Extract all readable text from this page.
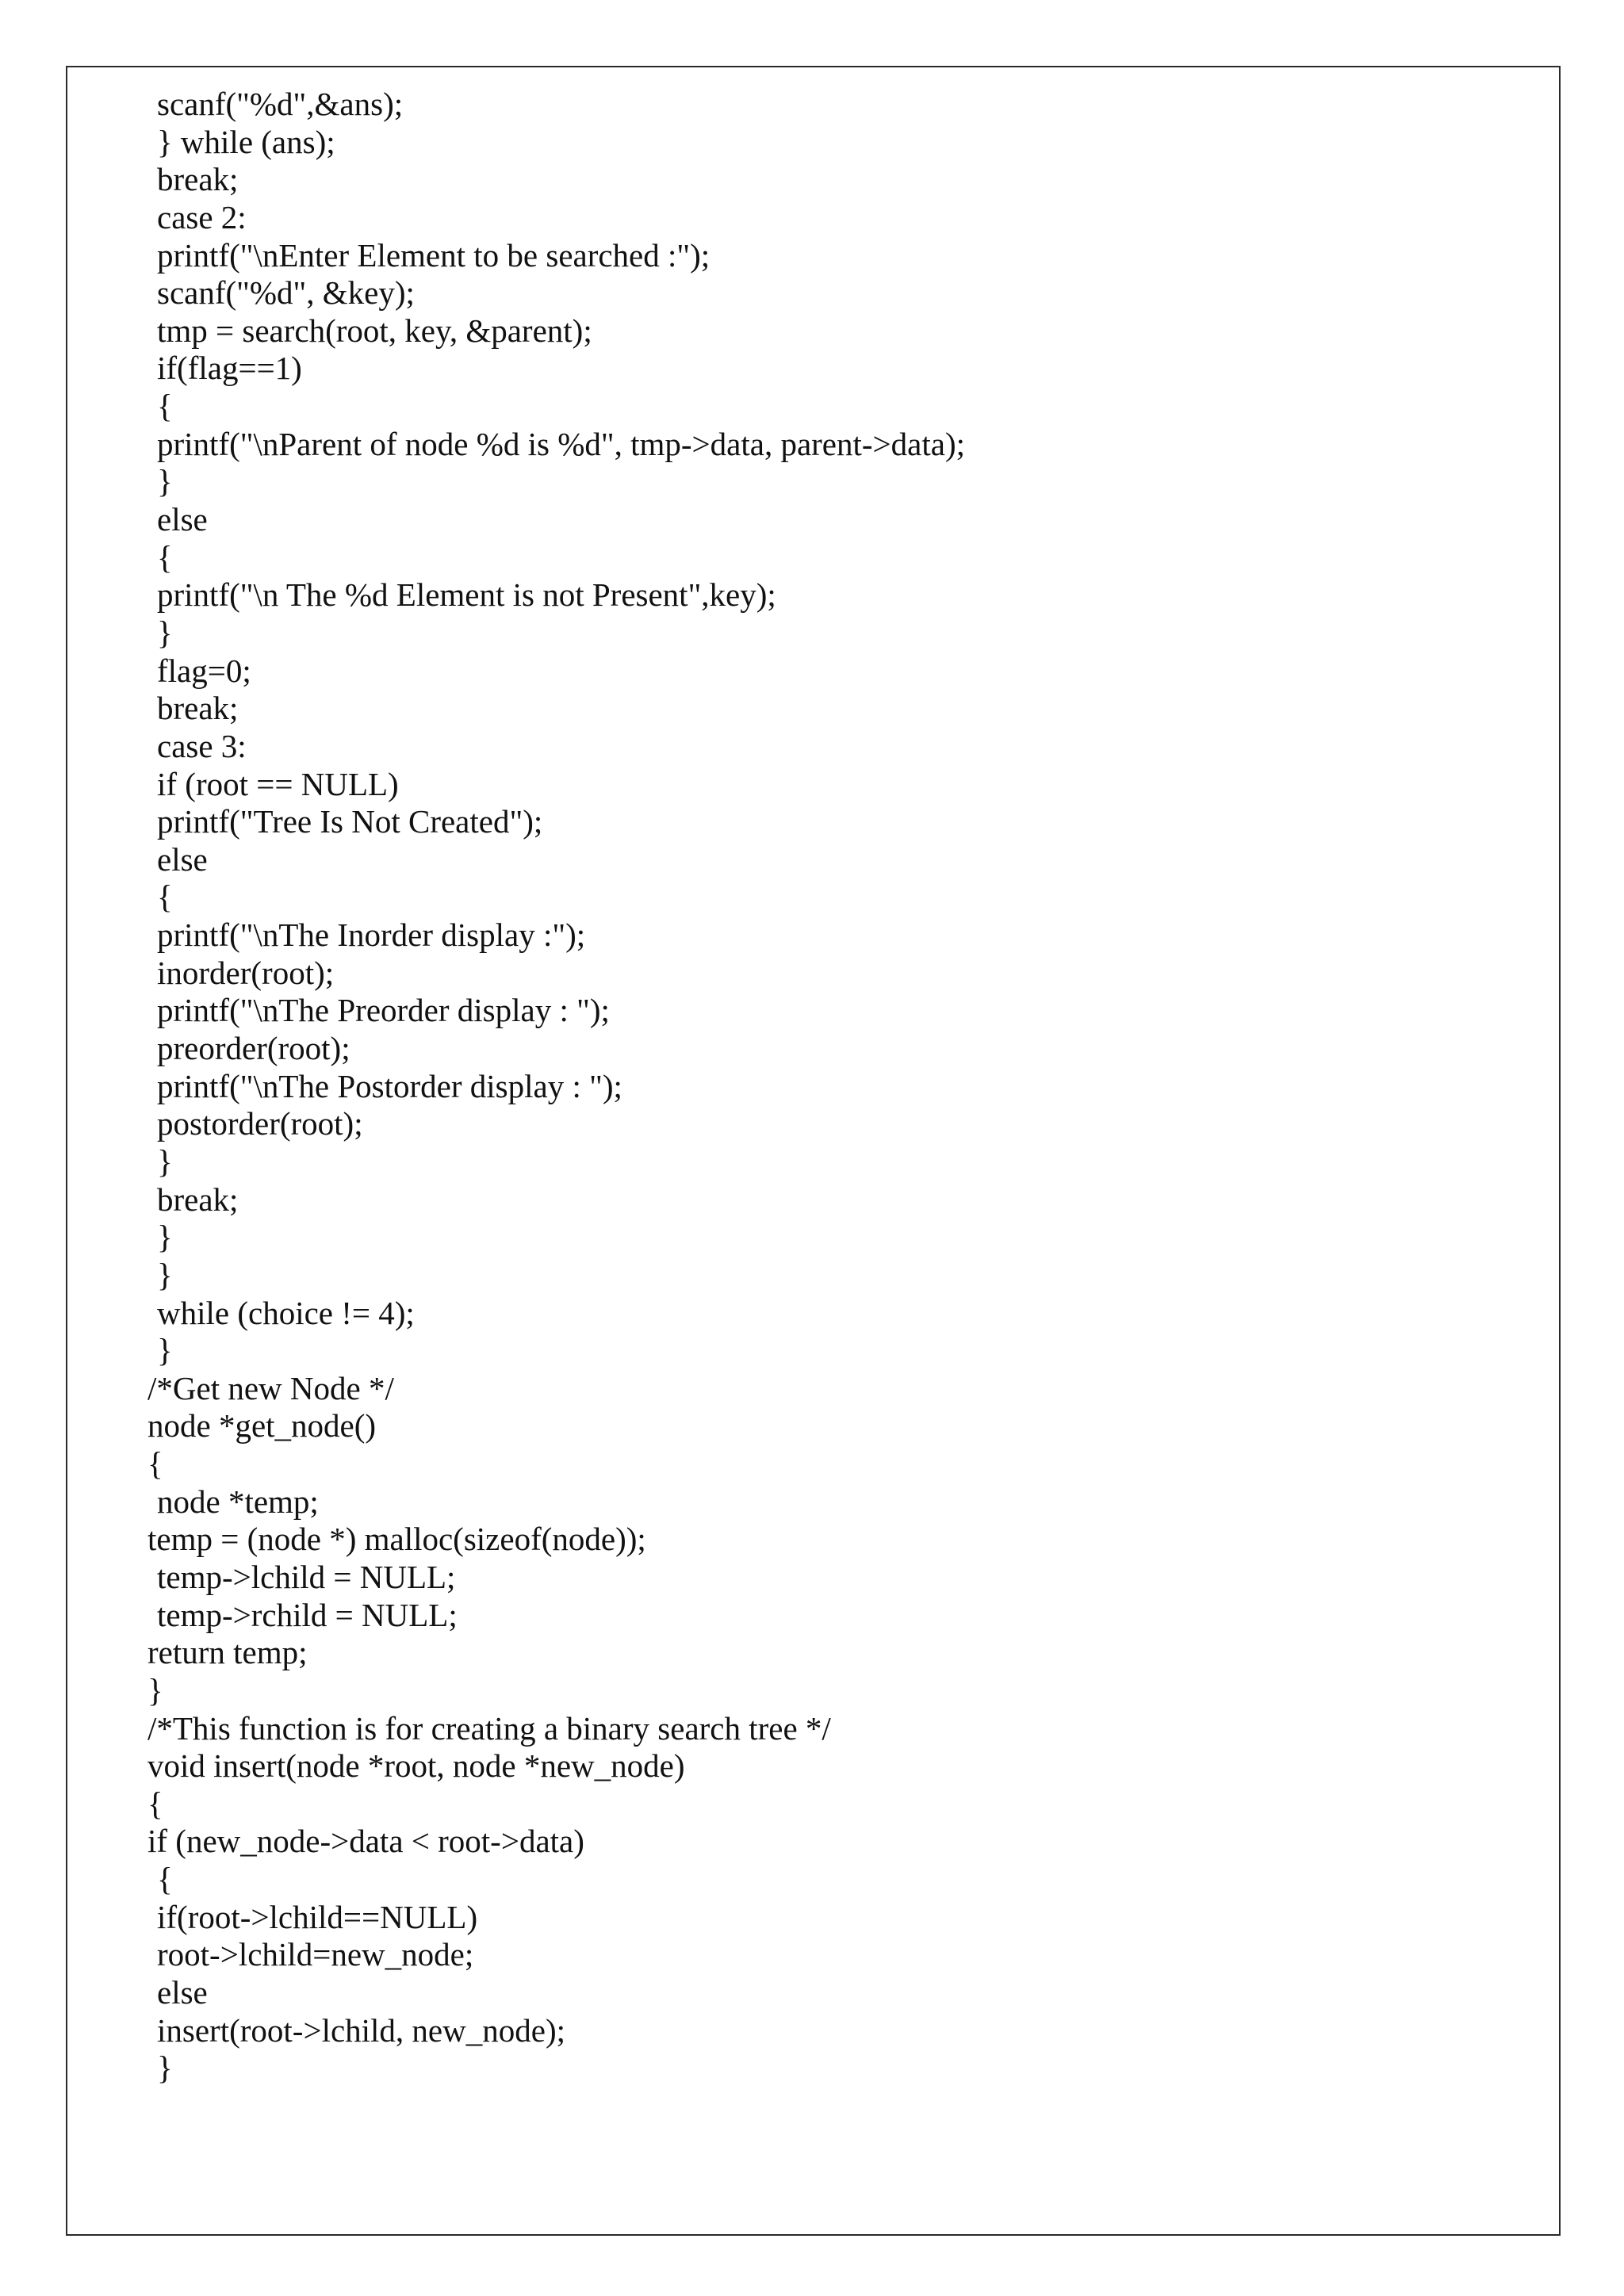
scanf("%d",&ans);
} while (ans);
break;
case 2:
printf("\nEnter Element to be searched :");
scanf("%d", &key);
tmp = search(root, key, &parent);
if(flag==1)
{
printf("\nParent of node %d is %d", tmp->data, parent->data);
}
else
{
printf("\n The %d Element is not Present",key);
}
flag=0;
break;
case 3:
if (root == NULL)
printf("Tree Is Not Created");
else
{
printf("\nThe Inorder display :");
inorder(root);
printf("\nThe Preorder display : ");
preorder(root);
printf("\nThe Postorder display : ");
postorder(root);
}
break;
}
}
while (choice != 4);
}
/*Get new Node */
node *get_node()
{
node *temp;
temp = (node *) malloc(sizeof(node));
temp->lchild = NULL;
temp->rchild = NULL;
return temp;
}
/*This function is for creating a binary search tree */
void insert(node *root, node *new_node)
{
if (new_node->data < root->data)
{
if(root->lchild==NULL)
root->lchild=new_node;
else
insert(root->lchild, new_node);
}
